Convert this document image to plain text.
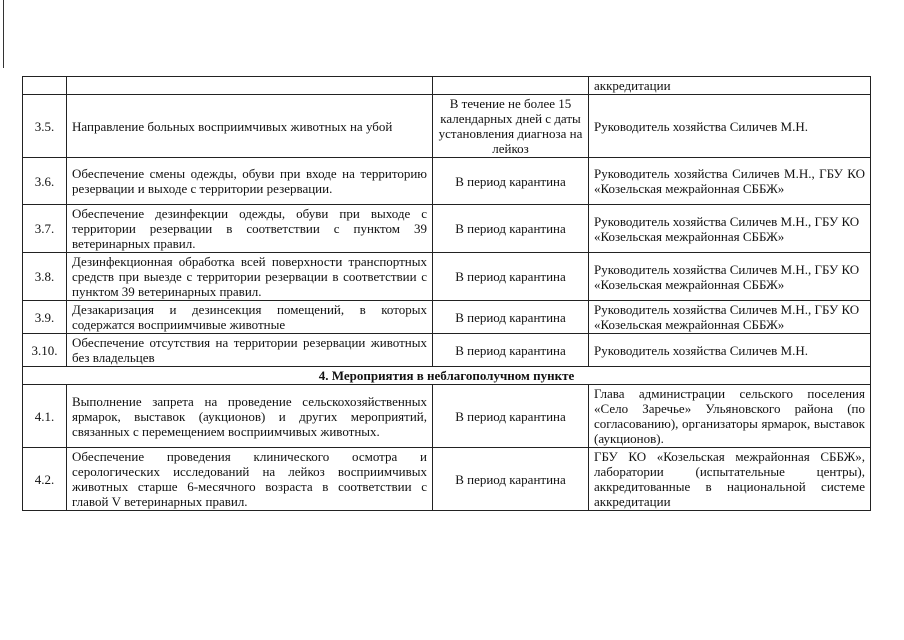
			аккредитации
3.5.	Направление больных восприимчивых животных на убой	В течение не более 15 календарных дней с даты установления диагноза на лейкоз	Руководитель хозяйства Силичев М.Н.
3.6.	Обеспечение смены одежды, обуви при входе на территорию резервации и выходе с территории резервации.	В период карантина	Руководитель хозяйства Силичев М.Н., ГБУ КО «Козельская межрайонная СББЖ»
3.7.	Обеспечение дезинфекции одежды, обуви при выходе с территории резервации в соответствии с пунктом 39 ветеринарных правил.	В период карантина	Руководитель хозяйства Силичев М.Н., ГБУ КО «Козельская межрайонная СББЖ»
3.8.	Дезинфекционная обработка всей поверхности транспортных средств при выезде с территории резервации в соответствии с пунктом 39 ветеринарных правил.	В период карантина	Руководитель хозяйства Силичев М.Н., ГБУ КО «Козельская межрайонная СББЖ»
3.9.	Дезакаризация и дезинсекция помещений, в которых содержатся восприимчивые животные	В период карантина	Руководитель хозяйства Силичев М.Н., ГБУ КО «Козельская межрайонная СББЖ»
3.10.	Обеспечение отсутствия на территории резервации животных без владельцев	В период карантина	Руководитель хозяйства Силичев М.Н.
4. Мероприятия в неблагополучном пункте			
4.1.	Выполнение запрета на проведение сельскохозяйственных ярмарок, выставок (аукционов) и других мероприятий, связанных с перемещением восприимчивых животных.	В период карантина	Глава администрации сельского поселения «Село Заречье» Ульяновского района (по согласованию), организаторы ярмарок, выставок (аукционов).
4.2.	Обеспечение проведения клинического осмотра и серологических исследований на лейкоз восприимчивых животных старше 6-месячного возраста в соответствии с главой V ветеринарных правил.	В период карантина	ГБУ КО «Козельская межрайонная СББЖ», лаборатории (испытательные центры), аккредитованные в национальной системе аккредитации
